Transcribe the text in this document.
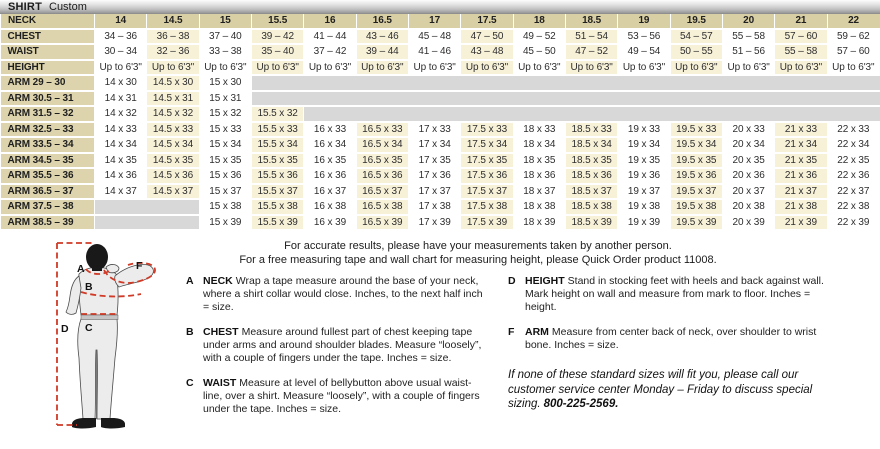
SHIRT Custom
NECK	14	14.5	15	15.5	16	16.5	17	17.5	18	18.5	19	19.5	20	21	22
CHEST	34 – 36	36 – 38	37 – 40	39 – 42	41 – 44	43 – 46	45 – 48	47 – 50	49 – 52	51 – 54	53 – 56	54 – 57	55 – 58	57 – 60	59 – 62
WAIST	30 – 34	32 – 36	33 – 38	35 – 40	37 – 42	39 – 44	41 – 46	43 – 48	45 – 50	47 – 52	49 – 54	50 – 55	51 – 56	55 – 58	57 – 60
HEIGHT	Up to 6'3"	Up to 6'3"	Up to 6'3"	Up to 6'3"	Up to 6'3"	Up to 6'3"	Up to 6'3"	Up to 6'3"	Up to 6'3"	Up to 6'3"	Up to 6'3"	Up to 6'3"	Up to 6'3"	Up to 6'3"	Up to 6'3"
ARM 29 – 30	14 x 30	14.5 x 30	15 x 30												
ARM 30.5 – 31	14 x 31	14.5 x 31	15 x 31												
ARM 31.5 – 32	14 x 32	14.5 x 32	15 x 32	15.5 x 32											
ARM 32.5 – 33	14 x 33	14.5 x 33	15 x 33	15.5 x 33	16 x 33	16.5 x 33	17 x 33	17.5 x 33	18 x 33	18.5 x 33	19 x 33	19.5 x 33	20 x 33	21 x 33	22 x 33
ARM 33.5 – 34	14 x 34	14.5 x 34	15 x 34	15.5 x 34	16 x 34	16.5 x 34	17 x 34	17.5 x 34	18 x 34	18.5 x 34	19 x 34	19.5 x 34	20 x 34	21 x 34	22 x 34
ARM 34.5 – 35	14 x 35	14.5 x 35	15 x 35	15.5 x 35	16 x 35	16.5 x 35	17 x 35	17.5 x 35	18 x 35	18.5 x 35	19 x 35	19.5 x 35	20 x 35	21 x 35	22 x 35
ARM 35.5 – 36	14 x 36	14.5 x 36	15 x 36	15.5 x 36	16 x 36	16.5 x 36	17 x 36	17.5 x 36	18 x 36	18.5 x 36	19 x 36	19.5 x 36	20 x 36	21 x 36	22 x 36
ARM 36.5 – 37	14 x 37	14.5 x 37	15 x 37	15.5 x 37	16 x 37	16.5 x 37	17 x 37	17.5 x 37	18 x 37	18.5 x 37	19 x 37	19.5 x 37	20 x 37	21 x 37	22 x 37
ARM 37.5 – 38			15 x 38	15.5 x 38	16 x 38	16.5 x 38	17 x 38	17.5 x 38	18 x 38	18.5 x 38	19 x 38	19.5 x 38	20 x 38	21 x 38	22 x 38
ARM 38.5 – 39			15 x 39	15.5 x 39	16 x 39	16.5 x 39	17 x 39	17.5 x 39	18 x 39	18.5 x 39	19 x 39	19.5 x 39	20 x 39	21 x 39	22 x 39
A
B
C
D
F
For accurate results, please have your measurements taken by another person.
For a free measuring tape and wall chart for measuring height, please Quick Order product 11008.
A NECK Wrap a tape measure around the base of your neck, where a shirt collar would close. Inches, to the next half inch = size.
B CHEST Measure around fullest part of chest keeping tape under arms and around shoulder blades. Measure “loosely”, with a couple of fingers under the tape. Inches = size.
C WAIST Measure at level of bellybutton above usual waist-line, over a shirt. Measure “loosely”, with a couple of fingers under the tape. Inches = size.
D HEIGHT Stand in stocking feet with heels and back against wall. Mark height on wall and measure from mark to floor. Inches = height.
F	ARM Measure from center back of neck, over shoulder to wrist bone. Inches = size.
If none of these standard sizes will fit you, please call our customer service center Monday – Friday to discuss special sizing. 800-225-2569.
